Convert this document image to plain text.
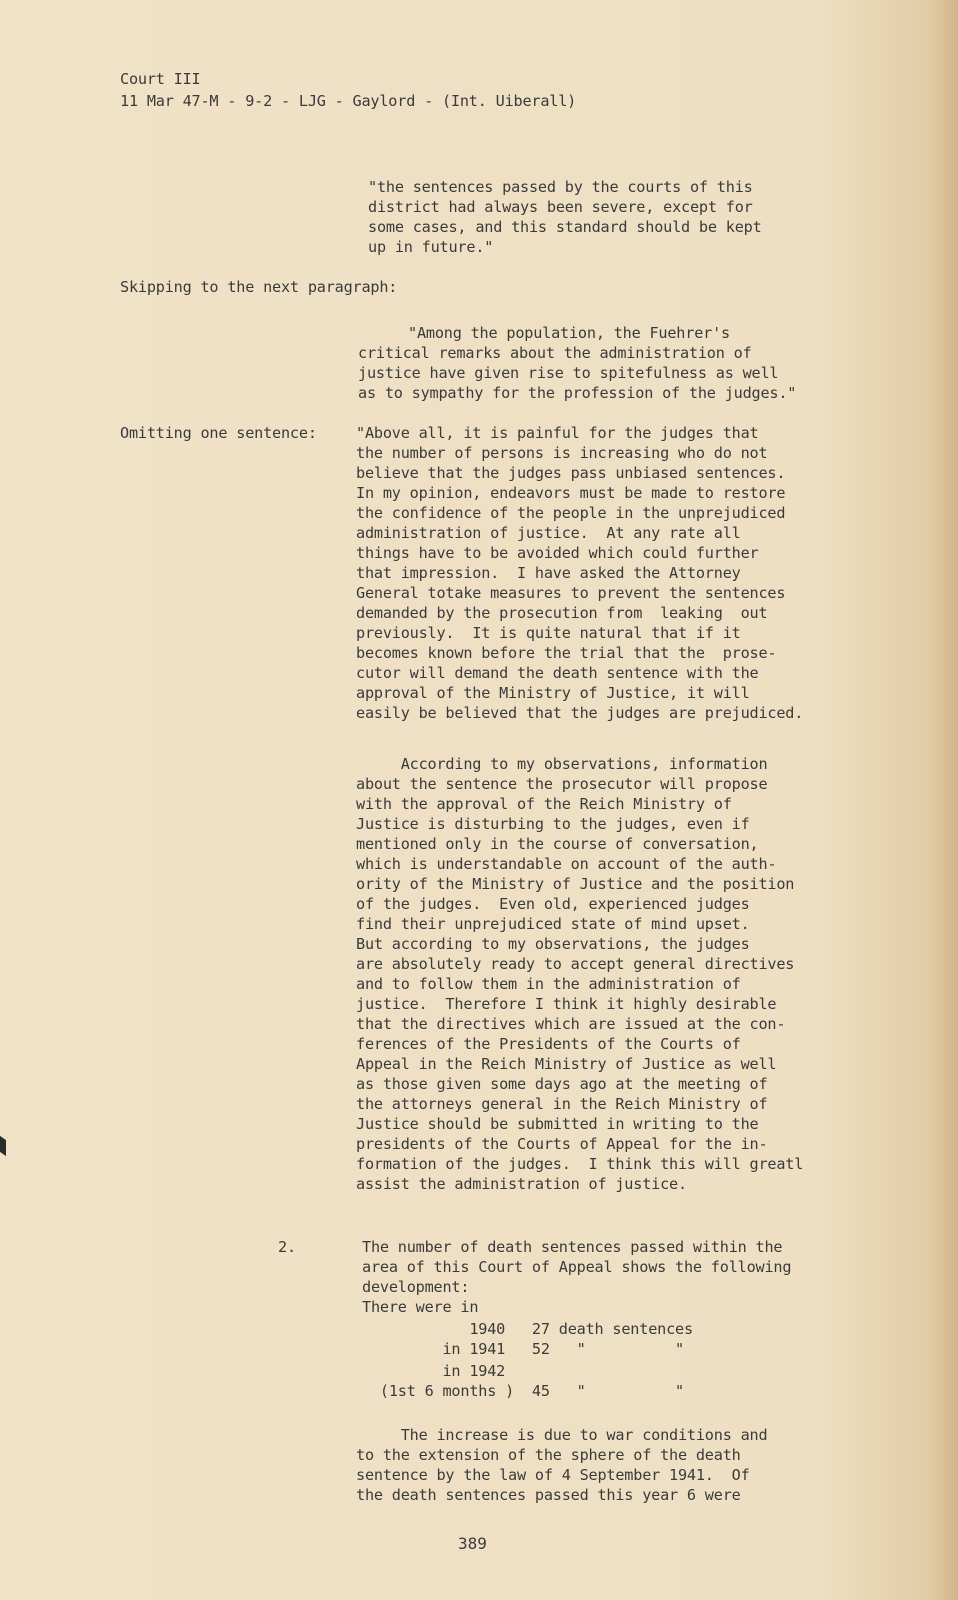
Court III
11 Mar 47-M - 9-2 - LJG - Gaylord - (Int. Uiberall)
"the sentences passed by the courts of this
district had always been severe, except for
some cases, and this standard should be kept
up in future."
Skipping to the next paragraph:
"Among the population, the Fuehrer's
critical remarks about the administration of
justice have given rise to spitefulness as well
as to sympathy for the profession of the judges."
Omitting one sentence:	"Above all, it is painful for the judges that
the number of persons is increasing who do not
believe that the judges pass unbiased sentences.
In my opinion, endeavors must be made to restore
the confidence of the people in the unprejudiced
administration of justice.  At any rate all
things have to be avoided which could further
that impression.  I have asked the Attorney
General totake measures to prevent the sentences
demanded by the prosecution from  leaking  out
previously.  It is quite natural that if it
becomes known before the trial that the  prose-
cutor will demand the death sentence with the
approval of the Ministry of Justice, it will
easily be believed that the judges are prejudiced.
According to my observations, information
about the sentence the prosecutor will propose
with the approval of the Reich Ministry of
Justice is disturbing to the judges, even if
mentioned only in the course of conversation,
which is understandable on account of the auth-
ority of the Ministry of Justice and the position
of the judges.  Even old, experienced judges
find their unprejudiced state of mind upset.
But according to my observations, the judges
are absolutely ready to accept general directives
and to follow them in the administration of
justice.  Therefore I think it highly desirable
that the directives which are issued at the con-
ferences of the Presidents of the Courts of
Appeal in the Reich Ministry of Justice as well
as those given some days ago at the meeting of
the attorneys general in the Reich Ministry of
Justice should be submitted in writing to the
presidents of the Courts of Appeal for the in-
formation of the judges.  I think this will greatl
assist the administration of justice.
2.	The number of death sentences passed within the
area of this Court of Appeal shows the following
development:
There were in
1940   27 death sentences
in 1941   52   "          "
in 1942
(1st 6 months )  45   "          "
The increase is due to war conditions and
to the extension of the sphere of the death
sentence by the law of 4 September 1941.  Of
the death sentences passed this year 6 were
389
